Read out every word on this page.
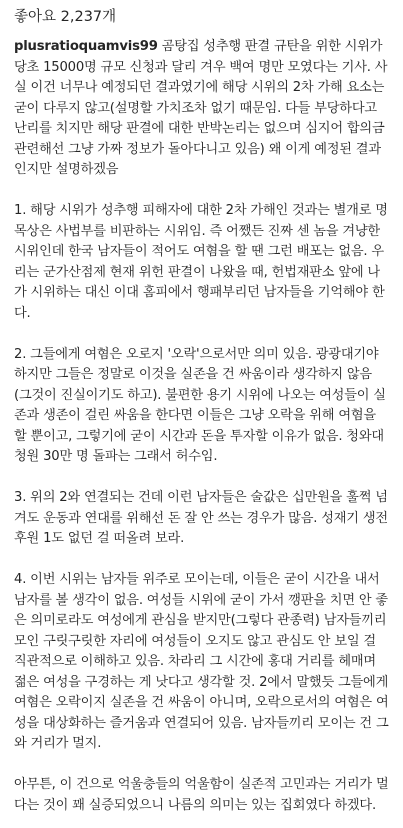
좋아요 2,237개
plusratioquamvis99 곰탕집 성추행 판결 규탄을 위한 시위가 당초 15000명 규모 신청과 달리 겨우 백여 명만 모였다는 기사. 사실 이건 너무나 예정되던 결과였기에 해당 시위의 2차 가해 요소는 굳이 다루지 않고(설명할 가치조차 없기 때문임. 다들 부당하다고 난리를 치지만 해당 판결에 대한 반박논리는 없으며 심지어 합의금 관련해선 그냥 가짜 정보가 돌아다니고 있음) 왜 이게 예정된 결과인지만 설명하겠음
1. 해당 시위가 성추행 피해자에 대한 2차 가해인 것과는 별개로 명목상은 사법부를 비판하는 시위임. 즉 어쨌든 진짜 센 놈을 겨냥한 시위인데 한국 남자들이 적어도 여혐을 할 땐 그런 배포는 없음. 우리는 군가산점제 현재 위헌 판결이 나왔을 때, 헌법재판소 앞에 나가 시위하는 대신 이대 홈피에서 행패부리던 남자들을 기억해야 한다.
2. 그들에게 여혐은 오로지 '오락'으로서만 의미 있음. 광광대기야 하지만 그들은 정말로 이것을 실존을 건 싸움이라 생각하지 않음(그것이 진실이기도 하고). 불편한 용기 시위에 나오는 여성들이 실존과 생존이 걸린 싸움을 한다면 이들은 그냥 오락을 위해 여혐을 할 뿐이고, 그렇기에 굳이 시간과 돈을 투자할 이유가 없음. 청와대 청원 30만 명 돌파는 그래서 허수임.
3. 위의 2와 연결되는 건데 이런 남자들은 술값은 십만원을 훌쩍 넘겨도 운동과 연대를 위해선 돈 잘 안 쓰는 경우가 많음. 성재기 생전 후원 1도 없던 걸 떠올려 보라.
4. 이번 시위는 남자들 위주로 모이는데, 이들은 굳이 시간을 내서 남자를 볼 생각이 없음. 여성들 시위에 굳이 가서 깽판을 치면 안 좋은 의미로라도 여성에게 관심을 받지만(그렇다 관종력) 남자들끼리 모인 구릿구릿한 자리에 여성들이 오지도 않고 관심도 안 보일 걸 직관적으로 이해하고 있음. 차라리 그 시간에 홍대 거리를 헤매며 젊은 여성을 구경하는 게 낫다고 생각할 것. 2에서 말했듯 그들에게 여혐은 오락이지 실존을 건 싸움이 아니며, 오락으로서의 여혐은 여성을 대상화하는 즐거움과 연결되어 있음. 남자들끼리 모이는 건 그와 거리가 멀지.
아무튼, 이 건으로 억울충들의 억울함이 실존적 고민과는 거리가 멀다는 것이 꽤 실증되었으니 나름의 의미는 있는 집회였다 하겠다.
